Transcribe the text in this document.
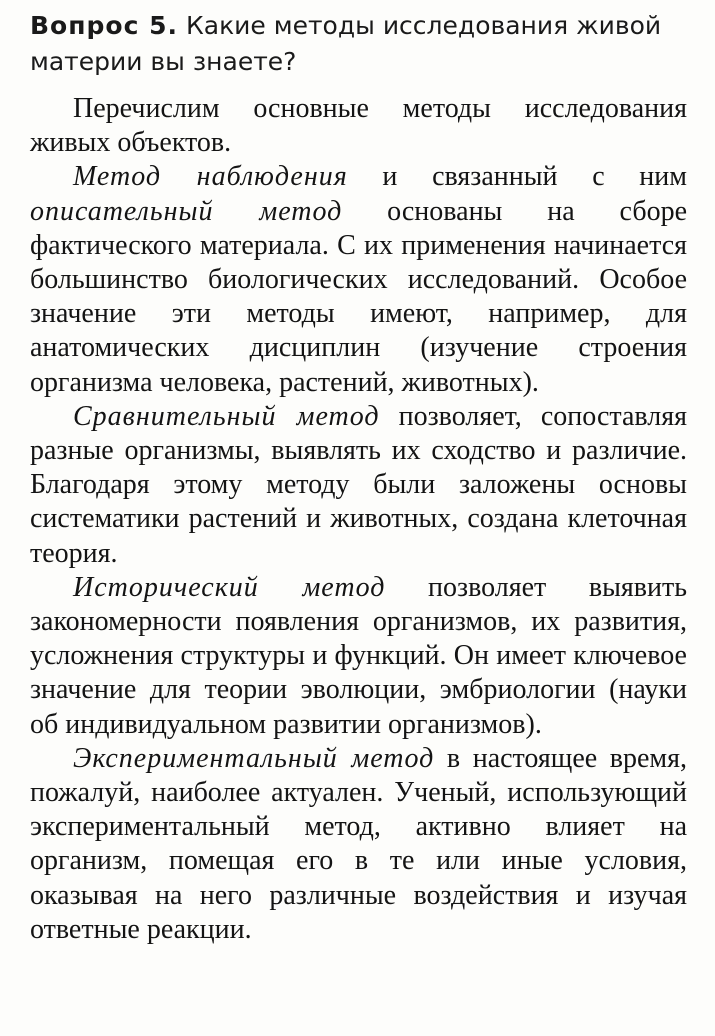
Вопрос 5. Какие методы исследования живой материи вы знаете?

Перечислим основные методы исследования живых объектов.

Метод наблюдения и связанный с ним описательный метод основаны на сборе фактического материала. С их применения начинается большинство биологических исследований. Особое значение эти методы имеют, например, для анатомических дисциплин (изучение строения организма человека, растений, животных).

Сравнительный метод позволяет, сопоставляя разные организмы, выявлять их сходство и различие. Благодаря этому методу были заложены основы систематики растений и животных, создана клеточная теория.

Исторический метод позволяет выявить закономерности появления организмов, их развития, усложнения структуры и функций. Он имеет ключевое значение для теории эволюции, эмбриологии (науки об индивидуальном развитии организмов).

Экспериментальный метод в настоящее время, пожалуй, наиболее актуален. Ученый, использующий экспериментальный метод, активно влияет на организм, помещая его в те или иные условия, оказывая на него различные воздействия и изучая ответные реакции.
